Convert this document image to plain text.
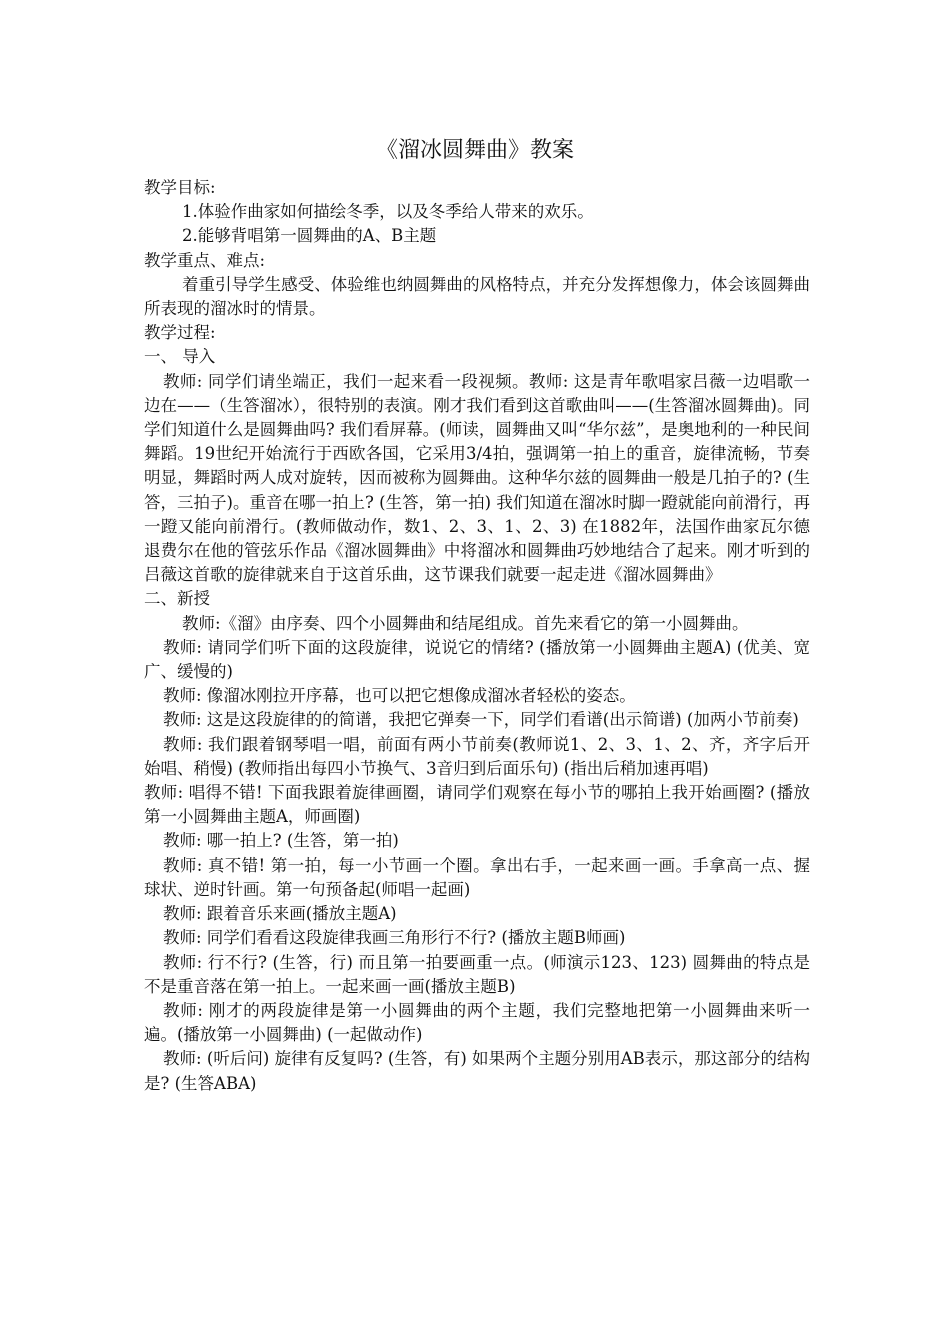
《溜冰圆舞曲》教案

教学目标:

1.体验作曲家如何描绘冬季，以及冬季给人带来的欢乐。

2.能够背唱第一圆舞曲的A、B主题

教学重点、难点:

着重引导学生感受、体验维也纳圆舞曲的风格特点，并充分发挥想像力，体会该圆舞曲所表现的溜冰时的情景。

教学过程:

一、 导入

教师: 同学们请坐端正，我们一起来看一段视频。教师: 这是青年歌唱家吕薇一边唱歌一边在——（生答溜冰），很特别的表演。刚才我们看到这首歌曲叫——(生答溜冰圆舞曲)。同学们知道什么是圆舞曲吗? 我们看屏幕。(师读，圆舞曲又叫“华尔兹”，是奥地利的一种民间舞蹈。19世纪开始流行于西欧各国，它采用3/4拍，强调第一拍上的重音，旋律流畅，节奏明显，舞蹈时两人成对旋转，因而被称为圆舞曲。这种华尔兹的圆舞曲一般是几拍子的? (生答，三拍子)。重音在哪一拍上? (生答，第一拍) 我们知道在溜冰时脚一蹬就能向前滑行，再一蹬又能向前滑行。(教师做动作，数1、2、3、1、2、3) 在1882年，法国作曲家瓦尔德退费尔在他的管弦乐作品《溜冰圆舞曲》中将溜冰和圆舞曲巧妙地结合了起来。刚才听到的吕薇这首歌的旋律就来自于这首乐曲，这节课我们就要一起走进《溜冰圆舞曲》

二、新授

教师:《溜》由序奏、四个小圆舞曲和结尾组成。首先来看它的第一小圆舞曲。

教师: 请同学们听下面的这段旋律，说说它的情绪? (播放第一小圆舞曲主题A) (优美、宽广、缓慢的)

教师: 像溜冰刚拉开序幕，也可以把它想像成溜冰者轻松的姿态。

教师: 这是这段旋律的的简谱，我把它弹奏一下，同学们看谱(出示简谱) (加两小节前奏)

教师: 我们跟着钢琴唱一唱，前面有两小节前奏(教师说1、2、3、1、2、齐，齐字后开始唱、稍慢) (教师指出每四小节换气、3音归到后面乐句) (指出后稍加速再唱)

教师: 唱得不错! 下面我跟着旋律画圈，请同学们观察在每小节的哪拍上我开始画圈? (播放第一小圆舞曲主题A，师画圈)

教师: 哪一拍上? (生答，第一拍)

教师: 真不错! 第一拍，每一小节画一个圈。拿出右手，一起来画一画。手拿高一点、握球状、逆时针画。第一句预备起(师唱一起画)

教师: 跟着音乐来画(播放主题A)

教师: 同学们看看这段旋律我画三角形行不行? (播放主题B师画)

教师: 行不行? (生答，行) 而且第一拍要画重一点。(师演示123、123) 圆舞曲的特点是不是重音落在第一拍上。一起来画一画(播放主题B)

教师: 刚才的两段旋律是第一小圆舞曲的两个主题，我们完整地把第一小圆舞曲来听一遍。(播放第一小圆舞曲) (一起做动作)

教师: (听后问) 旋律有反复吗? (生答，有) 如果两个主题分别用AB表示，那这部分的结构是? (生答ABA)
